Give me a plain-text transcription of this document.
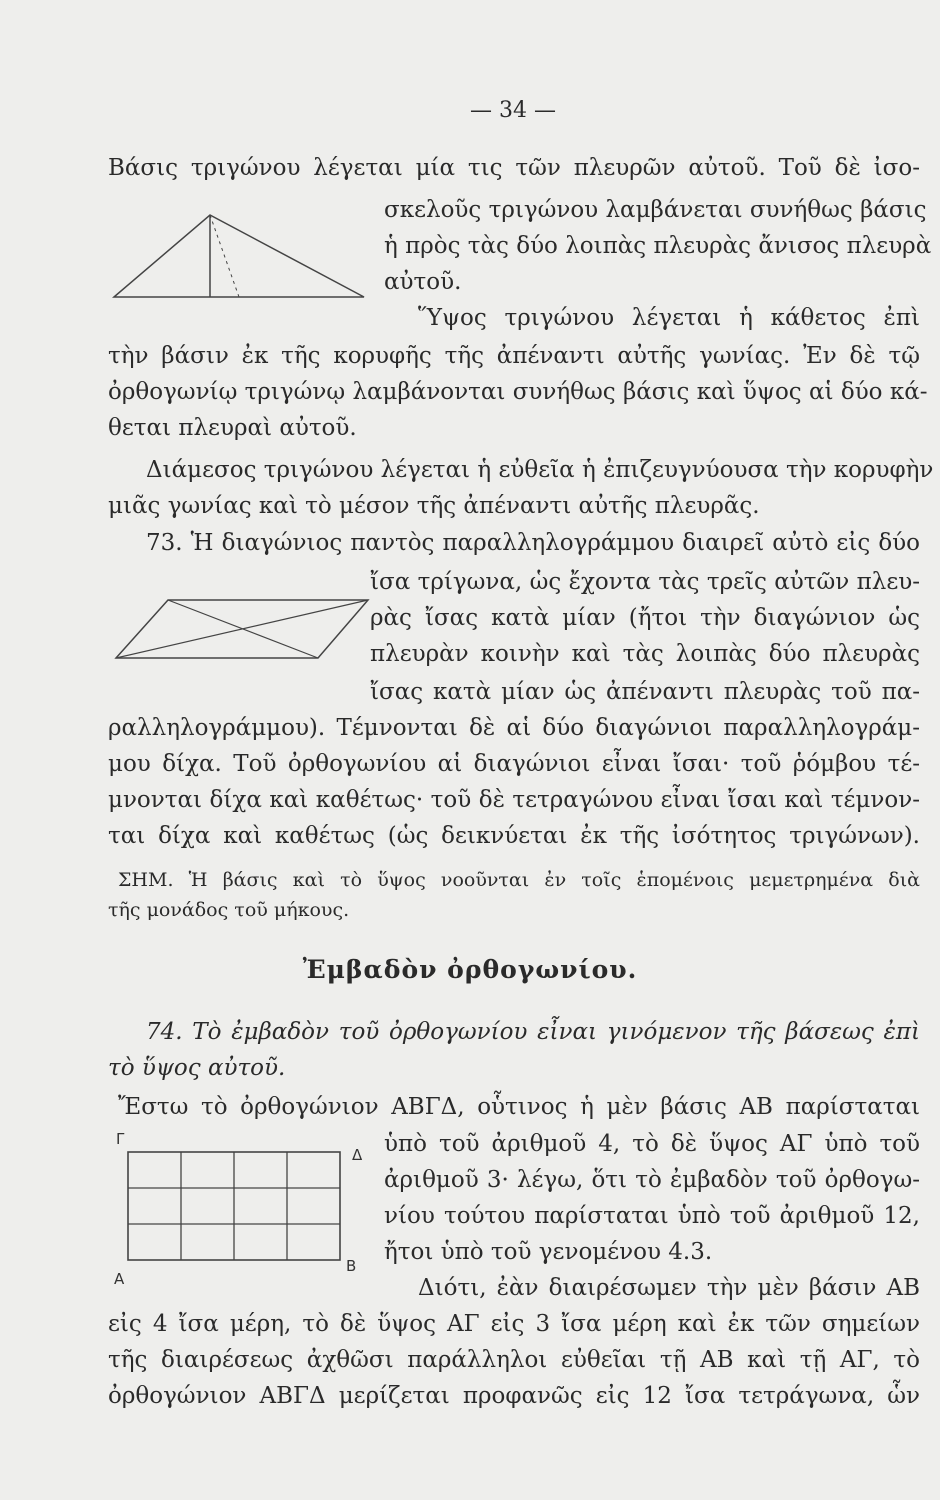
— 34 —
Γ
Δ
Α
Β
Βάσις τριγώνου λέγεται μία τις τῶν πλευρῶν αὐτοῦ. Τοῦ δὲ ἰσο-
σκελοῦς τριγώνου λαμβάνεται συνήθως βάσις
ἡ πρὸς τὰς δύο λοιπὰς πλευρὰς ἄνισος πλευρὰ
αὐτοῦ.
Ὕψος τριγώνου λέγεται ἡ κάθετος ἐπὶ
τὴν βάσιν ἐκ τῆς κορυφῆς τῆς ἀπέναντι αὐτῆς γωνίας. Ἐν δὲ τῷ
ὀρθογωνίῳ τριγώνῳ λαμβάνονται συνήθως βάσις καὶ ὕψος αἱ δύο κά-
θεται πλευραὶ αὐτοῦ.
Διάμεσος τριγώνου λέγεται ἡ εὐθεῖα ἡ ἐπιζευγνύουσα τὴν κορυφὴν
μιᾶς γωνίας καὶ τὸ μέσον τῆς ἀπέναντι αὐτῆς πλευρᾶς.
73. Ἡ διαγώνιος παντὸς παραλληλογράμμου διαιρεῖ αὐτὸ εἰς δύο
ἴσα τρίγωνα, ὡς ἔχοντα τὰς τρεῖς αὐτῶν πλευ-
ρὰς ἴσας κατὰ μίαν (ἤτοι τὴν διαγώνιον ὡς
πλευρὰν κοινὴν καὶ τὰς λοιπὰς δύο πλευρὰς
ἴσας κατὰ μίαν ὡς ἀπέναντι πλευρὰς τοῦ πα-
ραλληλογράμμου). Τέμνονται δὲ αἱ δύο διαγώνιοι παραλληλογράμ-
μου δίχα. Τοῦ ὀρθογωνίου αἱ διαγώνιοι εἶναι ἴσαι· τοῦ ῥόμβου τέ-
μνονται δίχα καὶ καθέτως· τοῦ δὲ τετραγώνου εἶναι ἴσαι καὶ τέμνον-
ται δίχα καὶ καθέτως (ὡς δεικνύεται ἐκ τῆς ἰσότητος τριγώνων).
ΣΗΜ. Ἡ βάσις καὶ τὸ ὕψος νοοῦνται ἐν τοῖς ἑπομένοις μεμετρημένα διὰ
τῆς μονάδος τοῦ μήκους.
Ἐμβαδὸν ὀρθογωνίου.
74. Τὸ ἐμβαδὸν τοῦ ὀρθογωνίου εἶναι γινόμενον τῆς βάσεως ἐπὶ
τὸ ὕψος αὐτοῦ.
Ἔστω τὸ ὀρθογώνιον ΑΒΓΔ, οὗτινος ἡ μὲν βάσις ΑΒ παρίσταται
ὑπὸ τοῦ ἀριθμοῦ 4, τὸ δὲ ὕψος ΑΓ ὑπὸ τοῦ
ἀριθμοῦ 3· λέγω, ὅτι τὸ ἐμβαδὸν τοῦ ὀρθογω-
νίου τούτου παρίσταται ὑπὸ τοῦ ἀριθμοῦ 12,
ἤτοι ὑπὸ τοῦ γενομένου 4.3.
Διότι, ἐὰν διαιρέσωμεν τὴν μὲν βάσιν ΑΒ
εἰς 4 ἴσα μέρη, τὸ δὲ ὕψος ΑΓ εἰς 3 ἴσα μέρη καὶ ἐκ τῶν σημείων
τῆς διαιρέσεως ἀχθῶσι παράλληλοι εὐθεῖαι τῇ ΑΒ καὶ τῇ ΑΓ, τὸ
ὀρθογώνιον ΑΒΓΔ μερίζεται προφανῶς εἰς 12 ἴσα τετράγωνα, ὧν
